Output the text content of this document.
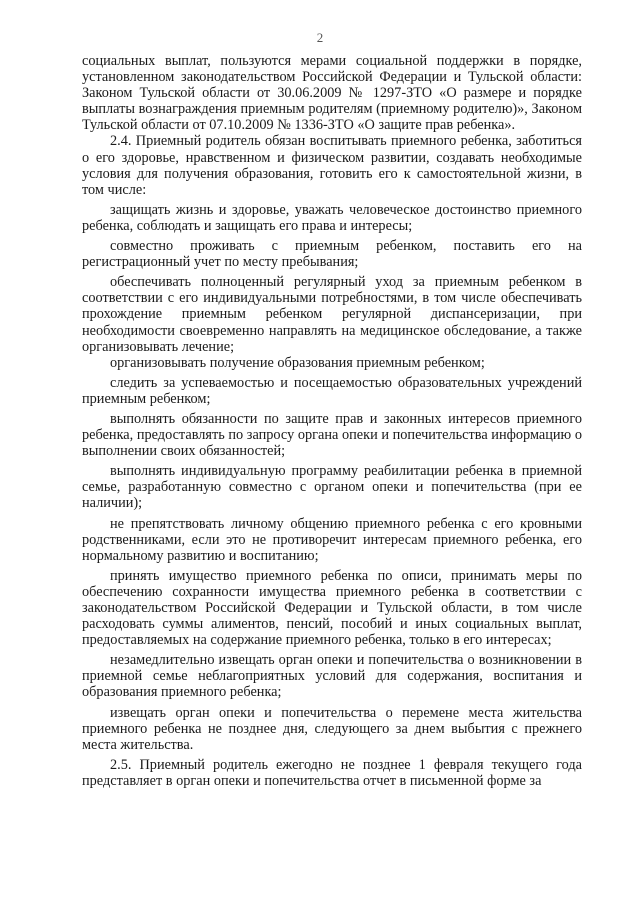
2

социальных выплат, пользуются мерами социальной поддержки в порядке, установленном законодательством Российской Федерации и Тульской области: Законом Тульской области от 30.06.2009 № 1297-ЗТО «О размере и порядке выплаты вознаграждения приемным родителям (приемному родителю)», Законом Тульской области от 07.10.2009 № 1336-ЗТО «О защите прав ребенка».

2.4. Приемный родитель обязан воспитывать приемного ребенка, заботиться о его здоровье, нравственном и физическом развитии, создавать необходимые условия для получения образования, готовить его к самостоятельной жизни, в том числе:

защищать жизнь и здоровье, уважать человеческое достоинство приемного ребенка, соблюдать и защищать его права и интересы;

совместно проживать с приемным ребенком, поставить его на регистрационный учет по месту пребывания;

обеспечивать полноценный регулярный уход за приемным ребенком в соответствии с его индивидуальными потребностями, в том числе обеспечивать прохождение приемным ребенком регулярной диспансеризации, при необходимости своевременно направлять на медицинское обследование, а также организовывать лечение;

организовывать получение образования приемным ребенком;

следить за успеваемостью и посещаемостью образовательных учреждений приемным ребенком;

выполнять обязанности по защите прав и законных интересов приемного ребенка, предоставлять по запросу органа опеки и попечительства информацию о выполнении своих обязанностей;

выполнять индивидуальную программу реабилитации ребенка в приемной семье, разработанную совместно с органом опеки и попечительства (при ее наличии);

не препятствовать личному общению приемного ребенка с его кровными родственниками, если это не противоречит интересам приемного ребенка, его нормальному развитию и воспитанию;

принять имущество приемного ребенка по описи, принимать меры по обеспечению сохранности имущества приемного ребенка в соответствии с законодательством Российской Федерации и Тульской области, в том числе расходовать суммы алиментов, пенсий, пособий и иных социальных выплат, предоставляемых на содержание приемного ребенка, только в его интересах;

незамедлительно извещать орган опеки и попечительства о возникновении в приемной семье неблагоприятных условий для содержания, воспитания и образования приемного ребенка;

извещать орган опеки и попечительства о перемене места жительства приемного ребенка не позднее дня, следующего за днем выбытия с прежнего места жительства.

2.5. Приемный родитель ежегодно не позднее 1 февраля текущего года представляет в орган опеки и попечительства отчет в письменной форме за
